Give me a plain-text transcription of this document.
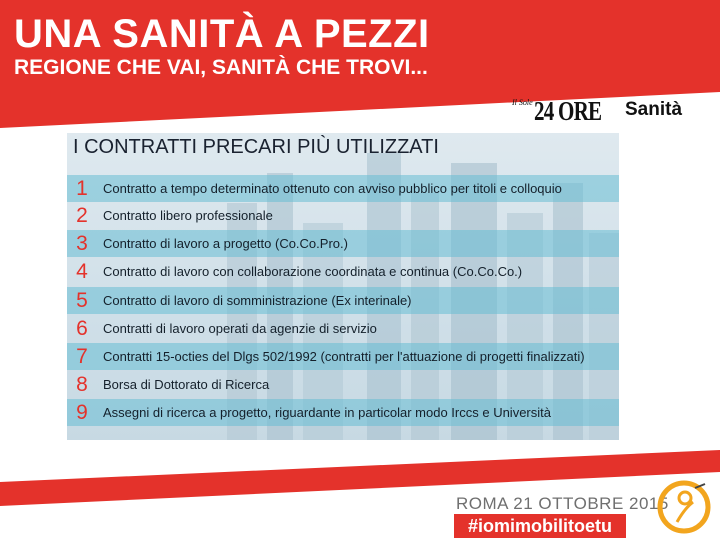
UNA SANITÀ A PEZZI
REGIONE CHE VAI, SANITÀ CHE TROVI...
Il Sole 24 ORE Sanità
I CONTRATTI PRECARI PIÙ UTILIZZATI
1	Contratto a tempo determinato ottenuto con avviso pubblico per titoli e colloquio
2	Contratto libero professionale
3	Contratto di lavoro a progetto (Co.Co.Pro.)
4	Contratto di lavoro con collaborazione coordinata e continua (Co.Co.Co.)
5	Contratto di lavoro di somministrazione (Ex interinale)
6	Contratti di lavoro operati da agenzie di servizio
7	Contratti 15-octies del Dlgs 502/1992 (contratti per l'attuazione di progetti finalizzati)
8	Borsa di Dottorato di Ricerca
9	Assegni di ricerca a progetto, riguardante in particolar modo Irccs e Università
ROMA 21 OTTOBRE 2015
#iomimobilitoetu
